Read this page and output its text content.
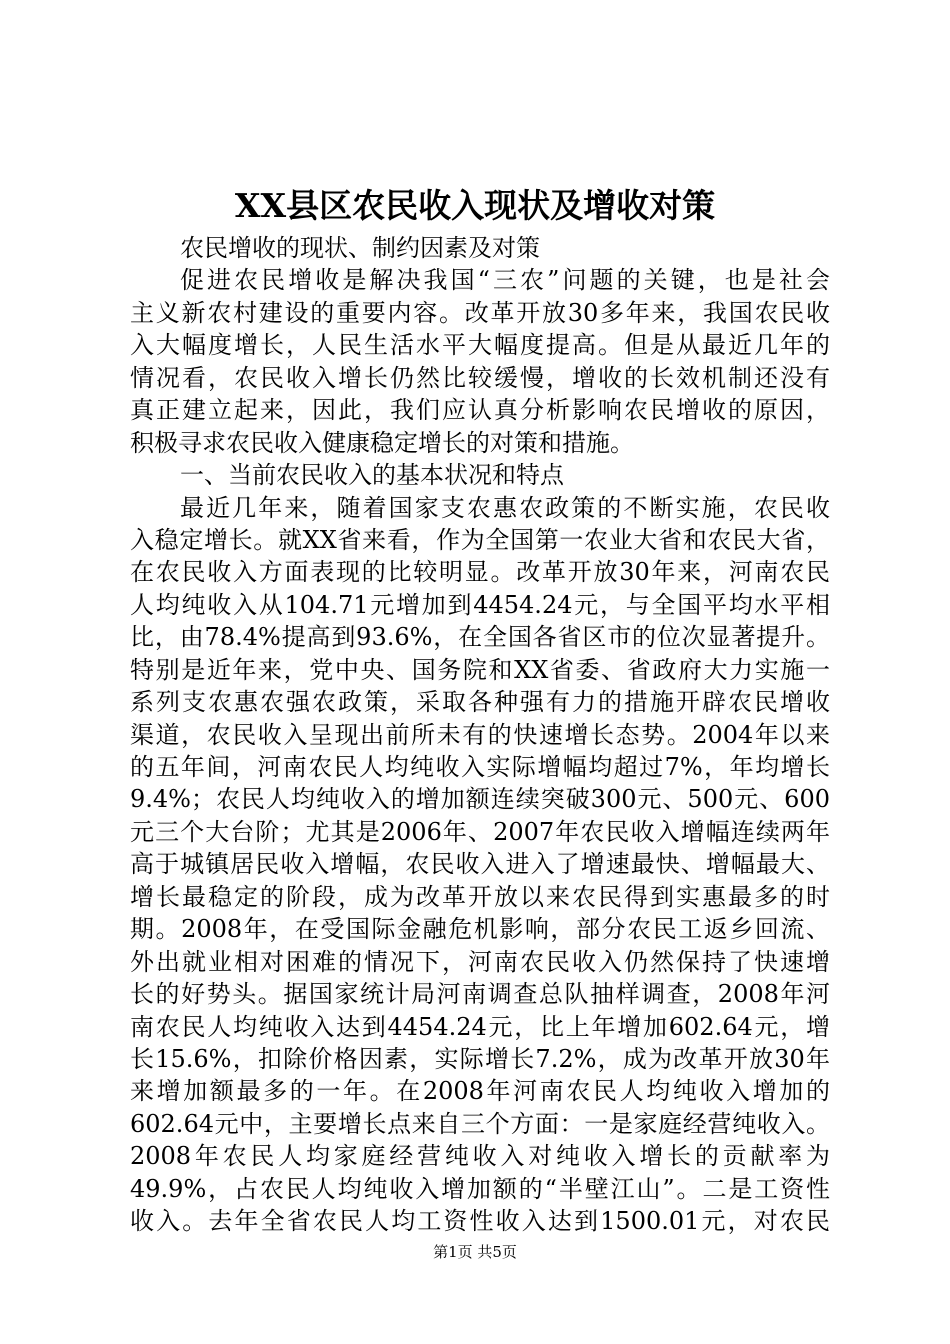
XX县区农民收入现状及增收对策
农民增收的现状、制约因素及对策
促进农民增收是解决我国“三农”问题的关键，也是社会
主义新农村建设的重要内容。改革开放30多年来，我国农民收
入大幅度增长，人民生活水平大幅度提高。但是从最近几年的
情况看，农民收入增长仍然比较缓慢，增收的长效机制还没有
真正建立起来，因此，我们应认真分析影响农民增收的原因，
积极寻求农民收入健康稳定增长的对策和措施。
一、当前农民收入的基本状况和特点
最近几年来，随着国家支农惠农政策的不断实施，农民收
入稳定增长。就XX省来看，作为全国第一农业大省和农民大省，
在农民收入方面表现的比较明显。改革开放30年来，河南农民
人均纯收入从104.71元增加到4454.24元，与全国平均水平相
比，由78.4%提高到93.6%，在全国各省区市的位次显著提升。
特别是近年来，党中央、国务院和XX省委、省政府大力实施一
系列支农惠农强农政策，采取各种强有力的措施开辟农民增收
渠道，农民收入呈现出前所未有的快速增长态势。2004年以来
的五年间，河南农民人均纯收入实际增幅均超过7%，年均增长
9.4%；农民人均纯收入的增加额连续突破300元、500元、600
元三个大台阶；尤其是2006年、2007年农民收入增幅连续两年
高于城镇居民收入增幅，农民收入进入了增速最快、增幅最大、
增长最稳定的阶段，成为改革开放以来农民得到实惠最多的时
期。2008年，在受国际金融危机影响，部分农民工返乡回流、
外出就业相对困难的情况下，河南农民收入仍然保持了快速增
长的好势头。据国家统计局河南调查总队抽样调查，2008年河
南农民人均纯收入达到4454.24元，比上年增加602.64元，增
长15.6%，扣除价格因素，实际增长7.2%，成为改革开放30年
来增加额最多的一年。在2008年河南农民人均纯收入增加的
602.64元中，主要增长点来自三个方面：一是家庭经营纯收入。
2008年农民人均家庭经营纯收入对纯收入增长的贡献率为
49.9%，占农民人均纯收入增加额的“半壁江山”。二是工资性
收入。去年全省农民人均工资性收入达到1500.01元，对农民
第1页 共5页
